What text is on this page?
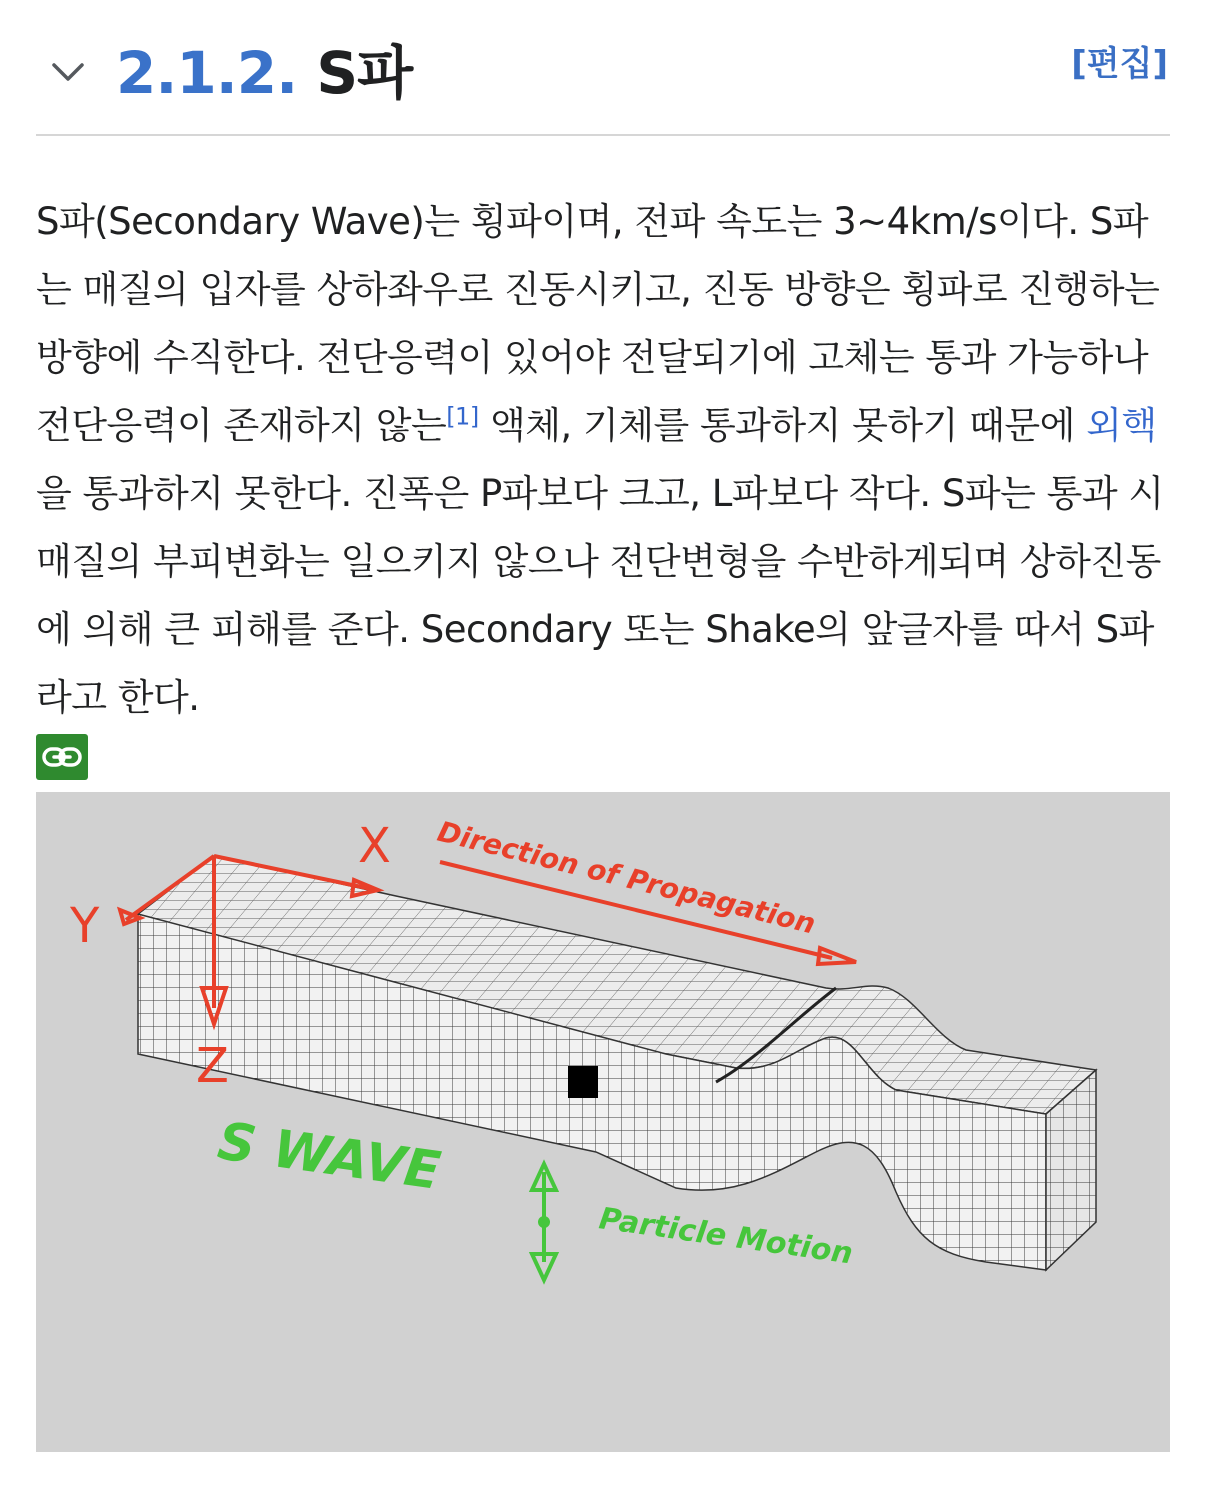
2.1.2. S파	[편집]

S파(Secondary Wave)는 횡파이며, 전파 속도는 3~4km/s이다. S파는 매질의 입자를 상하좌우로 진동시키고, 진동 방향은 횡파로 진행하는 방향에 수직한다. 전단응력이 있어야 전달되기에 고체는 통과 가능하나 전단응력이 존재하지 않는[1] 액체, 기체를 통과하지 못하기 때문에 외핵을 통과하지 못한다. 진폭은 P파보다 크고, L파보다 작다. S파는 통과 시 매질의 부피변화는 일으키지 않으나 전단변형을 수반하게되며 상하진동에 의해 큰 피해를 준다. Secondary 또는 Shake의 앞글자를 따서 S파라고 한다.

X
Y
Z
Direction of Propagation
S WAVE
Particle Motion
